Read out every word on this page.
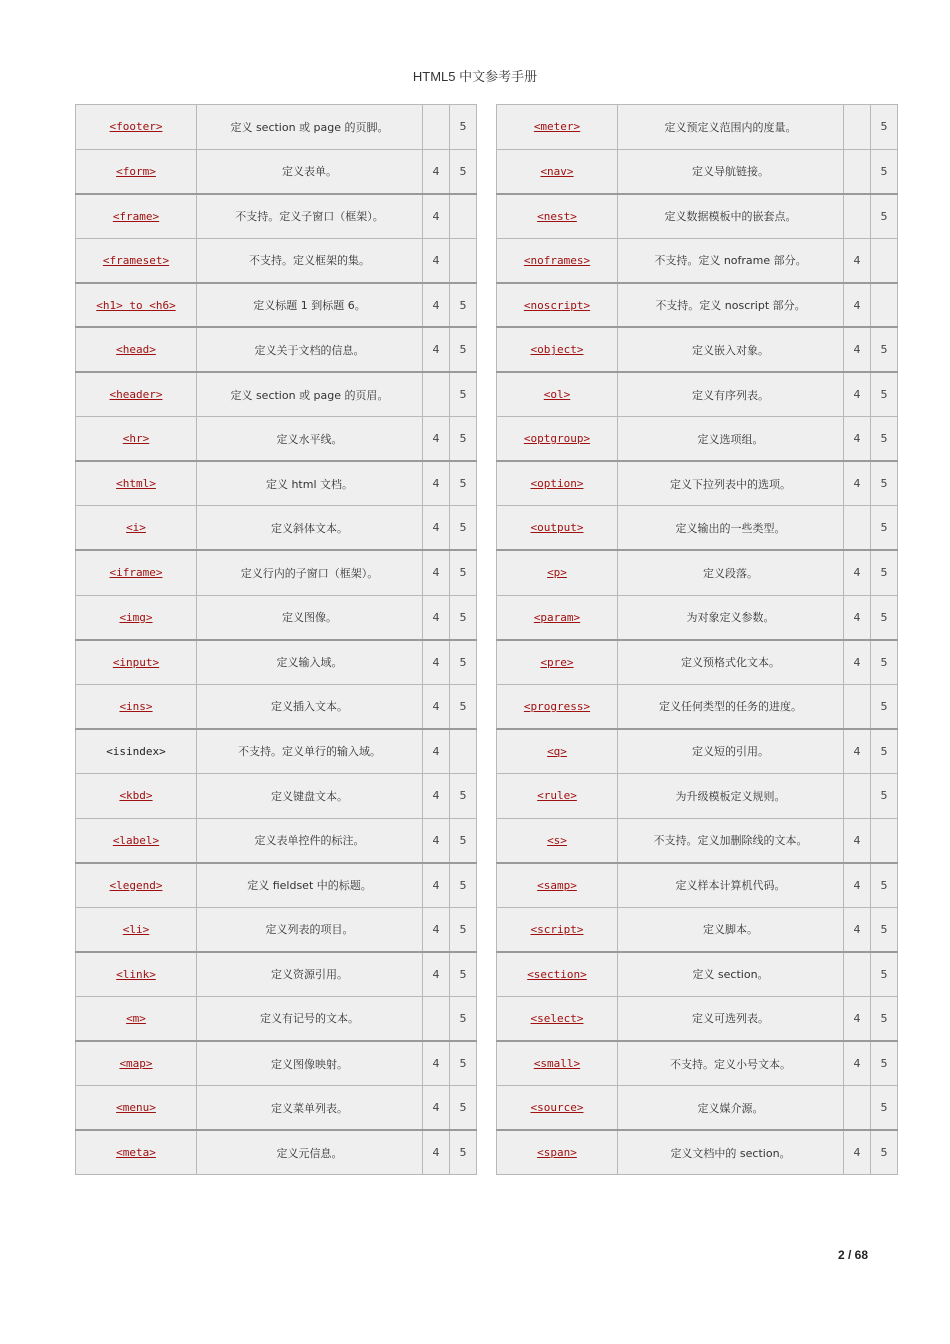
HTML5 中文参考手册
<footer>	定义 section 或 page 的页脚。		5
<form>	定义表单。	4	5
<frame>	不支持。定义子窗口（框架）。	4	
<frameset>	不支持。定义框架的集。	4	
<h1> to <h6>	定义标题 1 到标题 6。	4	5
<head>	定义关于文档的信息。	4	5
<header>	定义 section 或 page 的页眉。		5
<hr>	定义水平线。	4	5
<html>	定义 html 文档。	4	5
<i>	定义斜体文本。	4	5
<iframe>	定义行内的子窗口（框架）。	4	5
<img>	定义图像。	4	5
<input>	定义输入域。	4	5
<ins>	定义插入文本。	4	5
<isindex>	不支持。定义单行的输入域。	4	
<kbd>	定义键盘文本。	4	5
<label>	定义表单控件的标注。	4	5
<legend>	定义 fieldset 中的标题。	4	5
<li>	定义列表的项目。	4	5
<link>	定义资源引用。	4	5
<m>	定义有记号的文本。		5
<map>	定义图像映射。	4	5
<menu>	定义菜单列表。	4	5
<meta>	定义元信息。	4	5
<meter>	定义预定义范围内的度量。		5
<nav>	定义导航链接。		5
<nest>	定义数据模板中的嵌套点。		5
<noframes>	不支持。定义 noframe 部分。	4	
<noscript>	不支持。定义 noscript 部分。	4	
<object>	定义嵌入对象。	4	5
<ol>	定义有序列表。	4	5
<optgroup>	定义选项组。	4	5
<option>	定义下拉列表中的选项。	4	5
<output>	定义输出的一些类型。		5
<p>	定义段落。	4	5
<param>	为对象定义参数。	4	5
<pre>	定义预格式化文本。	4	5
<progress>	定义任何类型的任务的进度。		5
<q>	定义短的引用。	4	5
<rule>	为升级模板定义规则。		5
<s>	不支持。定义加删除线的文本。	4	
<samp>	定义样本计算机代码。	4	5
<script>	定义脚本。	4	5
<section>	定义 section。		5
<select>	定义可选列表。	4	5
<small>	不支持。定义小号文本。	4	5
<source>	定义媒介源。		5
<span>	定义文档中的 section。	4	5
2 / 68
